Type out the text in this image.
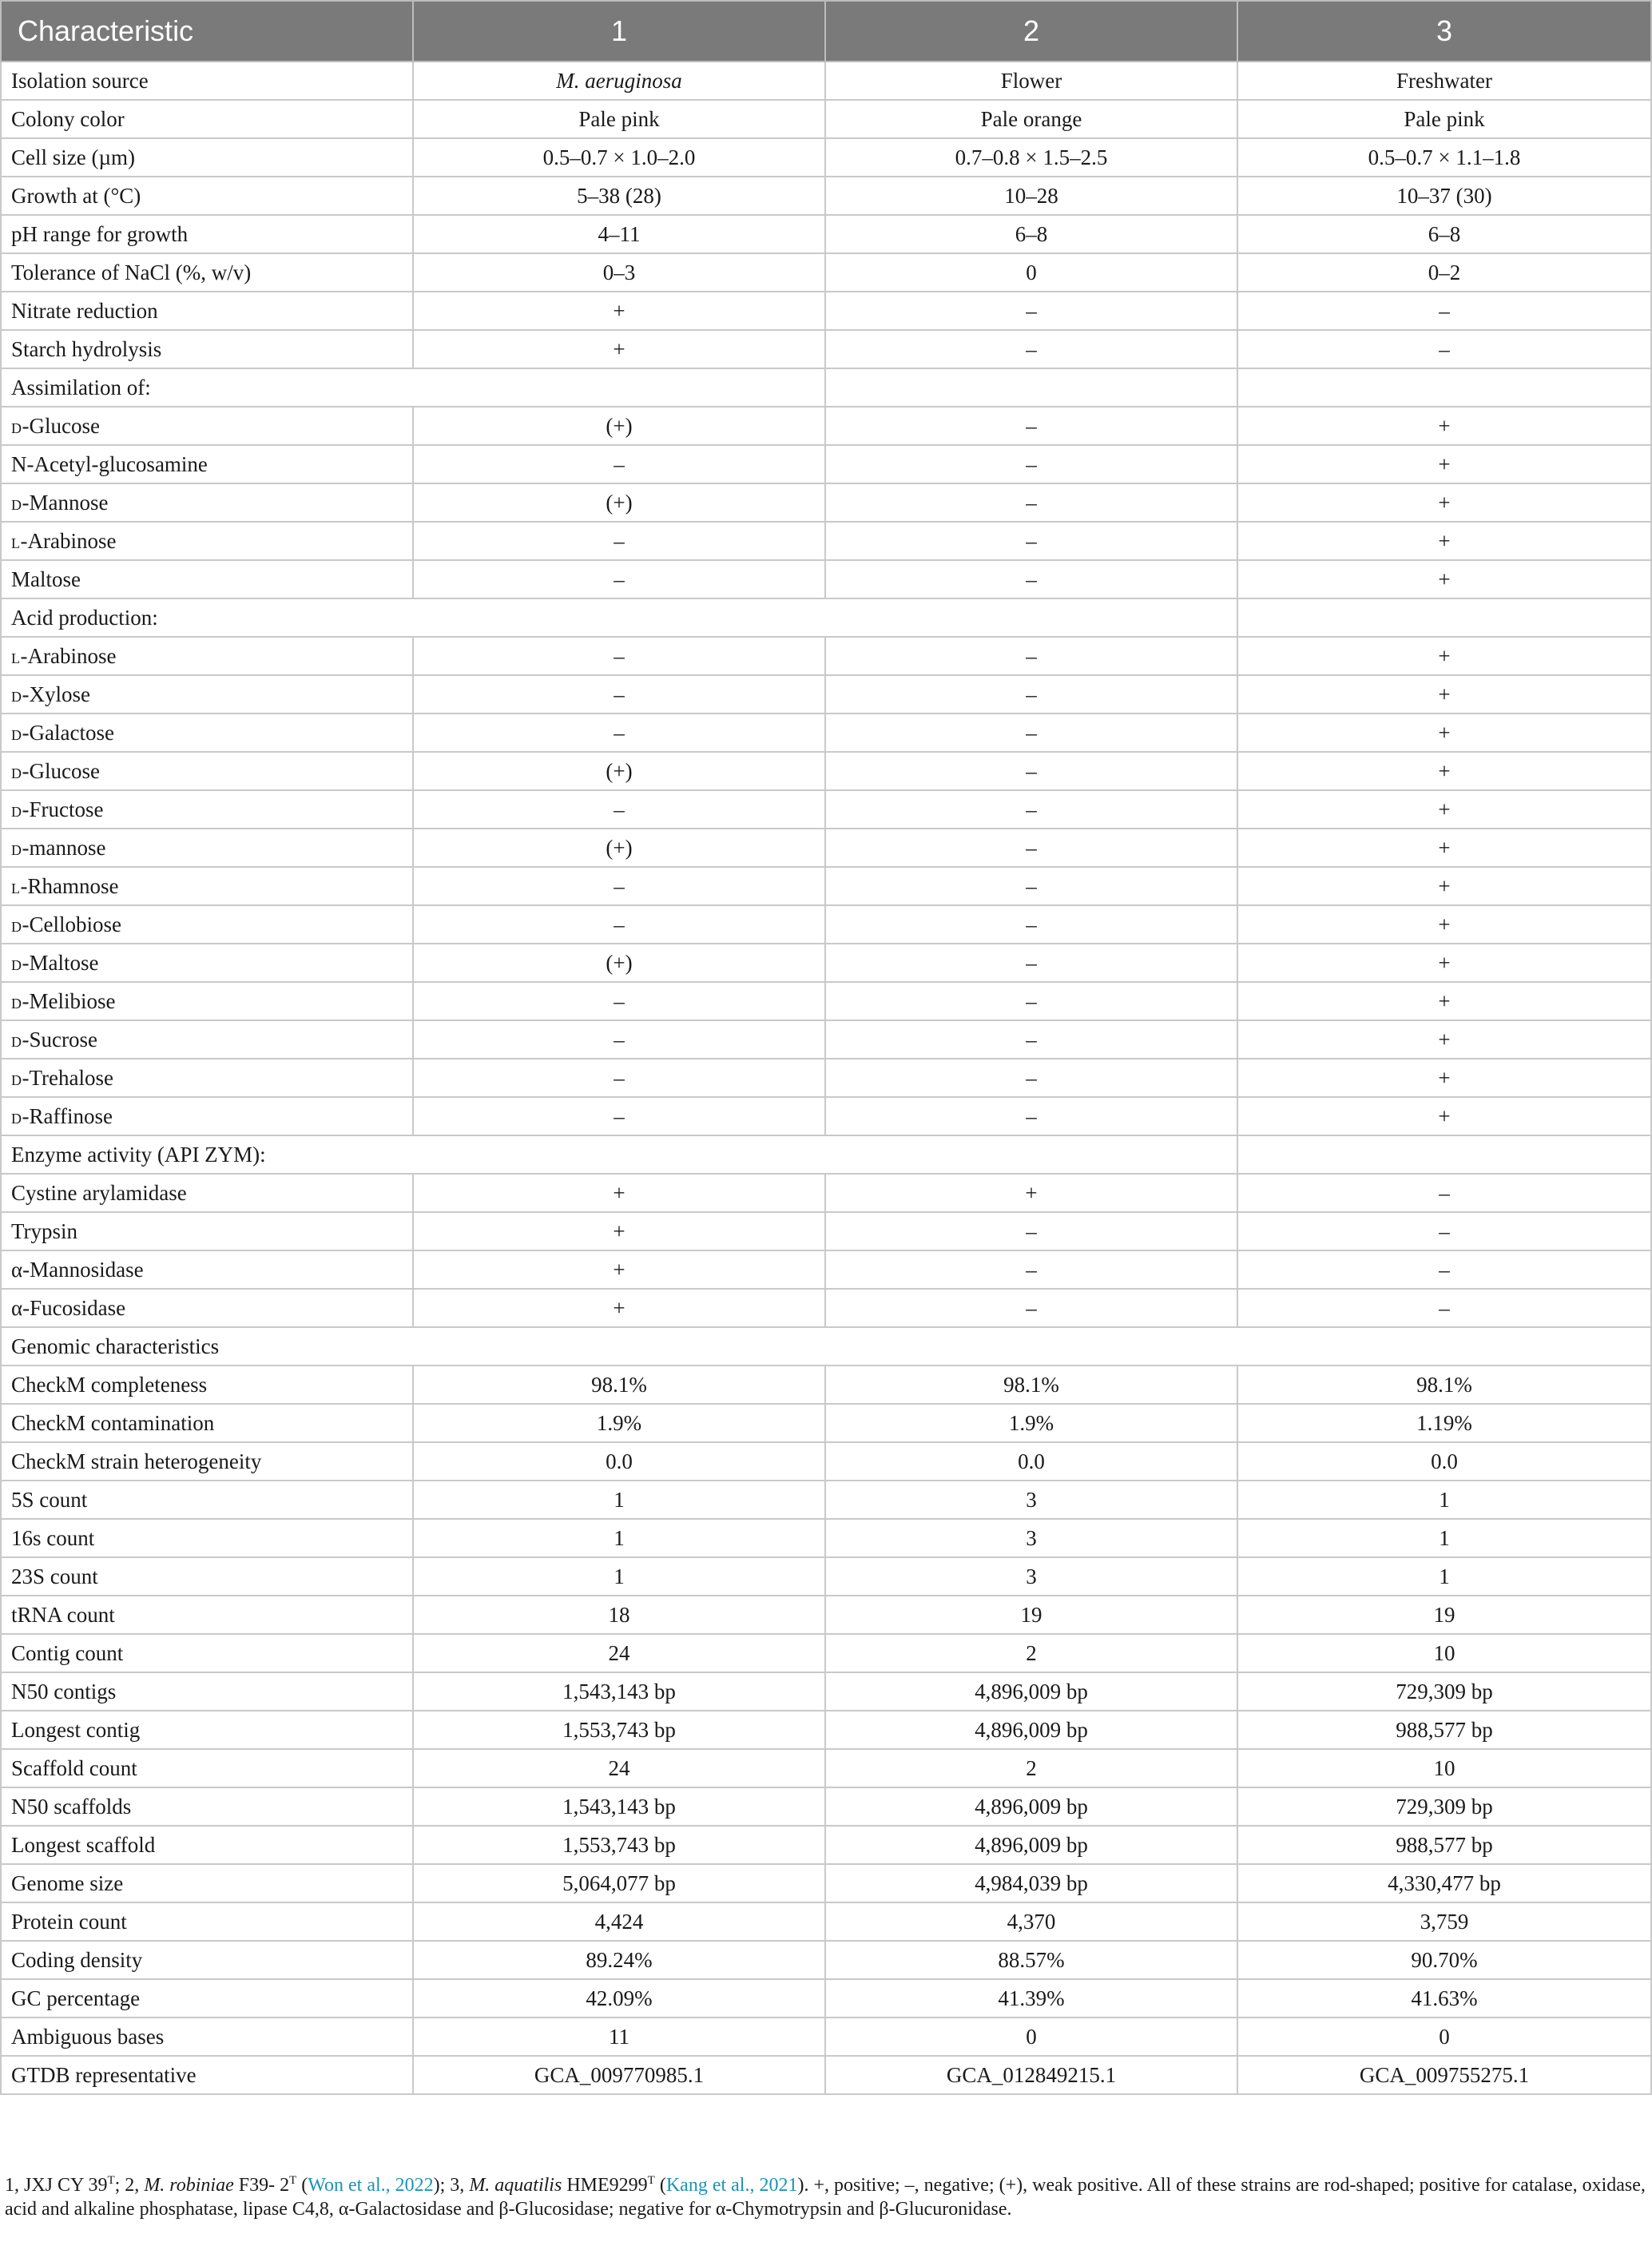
Characteristic	1	2	3
Isolation source	M. aeruginosa	Flower	Freshwater
Colony color	Pale pink	Pale orange	Pale pink
Cell size (µm)	0.5–0.7 × 1.0–2.0	0.7–0.8 × 1.5–2.5	0.5–0.7 × 1.1–1.8
Growth at (°C)	5–38 (28)	10–28	10–37 (30)
pH range for growth	4–11	6–8	6–8
Tolerance of NaCl (%, w/v)	0–3	0	0–2
Nitrate reduction	+	–	–
Starch hydrolysis	+	–	–
Assimilation of:			
D-Glucose	(+)	–	+
N-Acetyl-glucosamine	–	–	+
D-Mannose	(+)	–	+
L-Arabinose	–	–	+
Maltose	–	–	+
Acid production:			
L-Arabinose	–	–	+
D-Xylose	–	–	+
D-Galactose	–	–	+
D-Glucose	(+)	–	+
D-Fructose	–	–	+
D-mannose	(+)	–	+
L-Rhamnose	–	–	+
D-Cellobiose	–	–	+
D-Maltose	(+)	–	+
D-Melibiose	–	–	+
D-Sucrose	–	–	+
D-Trehalose	–	–	+
D-Raffinose	–	–	+
Enzyme activity (API ZYM):			
Cystine arylamidase	+	+	–
Trypsin	+	–	–
α-Mannosidase	+	–	–
α-Fucosidase	+	–	–
Genomic characteristics			
CheckM completeness	98.1%	98.1%	98.1%
CheckM contamination	1.9%	1.9%	1.19%
CheckM strain heterogeneity	0.0	0.0	0.0
5S count	1	3	1
16s count	1	3	1
23S count	1	3	1
tRNA count	18	19	19
Contig count	24	2	10
N50 contigs	1,543,143 bp	4,896,009 bp	729,309 bp
Longest contig	1,553,743 bp	4,896,009 bp	988,577 bp
Scaffold count	24	2	10
N50 scaffolds	1,543,143 bp	4,896,009 bp	729,309 bp
Longest scaffold	1,553,743 bp	4,896,009 bp	988,577 bp
Genome size	5,064,077 bp	4,984,039 bp	4,330,477 bp
Protein count	4,424	4,370	3,759
Coding density	89.24%	88.57%	90.70%
GC percentage	42.09%	41.39%	41.63%
Ambiguous bases	11	0	0
GTDB representative	GCA_009770985.1	GCA_012849215.1	GCA_009755275.1
1, JXJ CY $39^T$; 2, M. robiniae F39- $2^T$ (Won et al., 2022); 3, M. aquatilis $HME9299^T$ (Kang et al., 2021). +, positive; –, negative; (+), weak positive. All of these strains are rod-shaped; positive for catalase, oxidase, acid and alkaline phosphatase, lipase C4,8, α-Galactosidase and β-Glucosidase; negative for α-Chymotrypsin and β-Glucuronidase.
